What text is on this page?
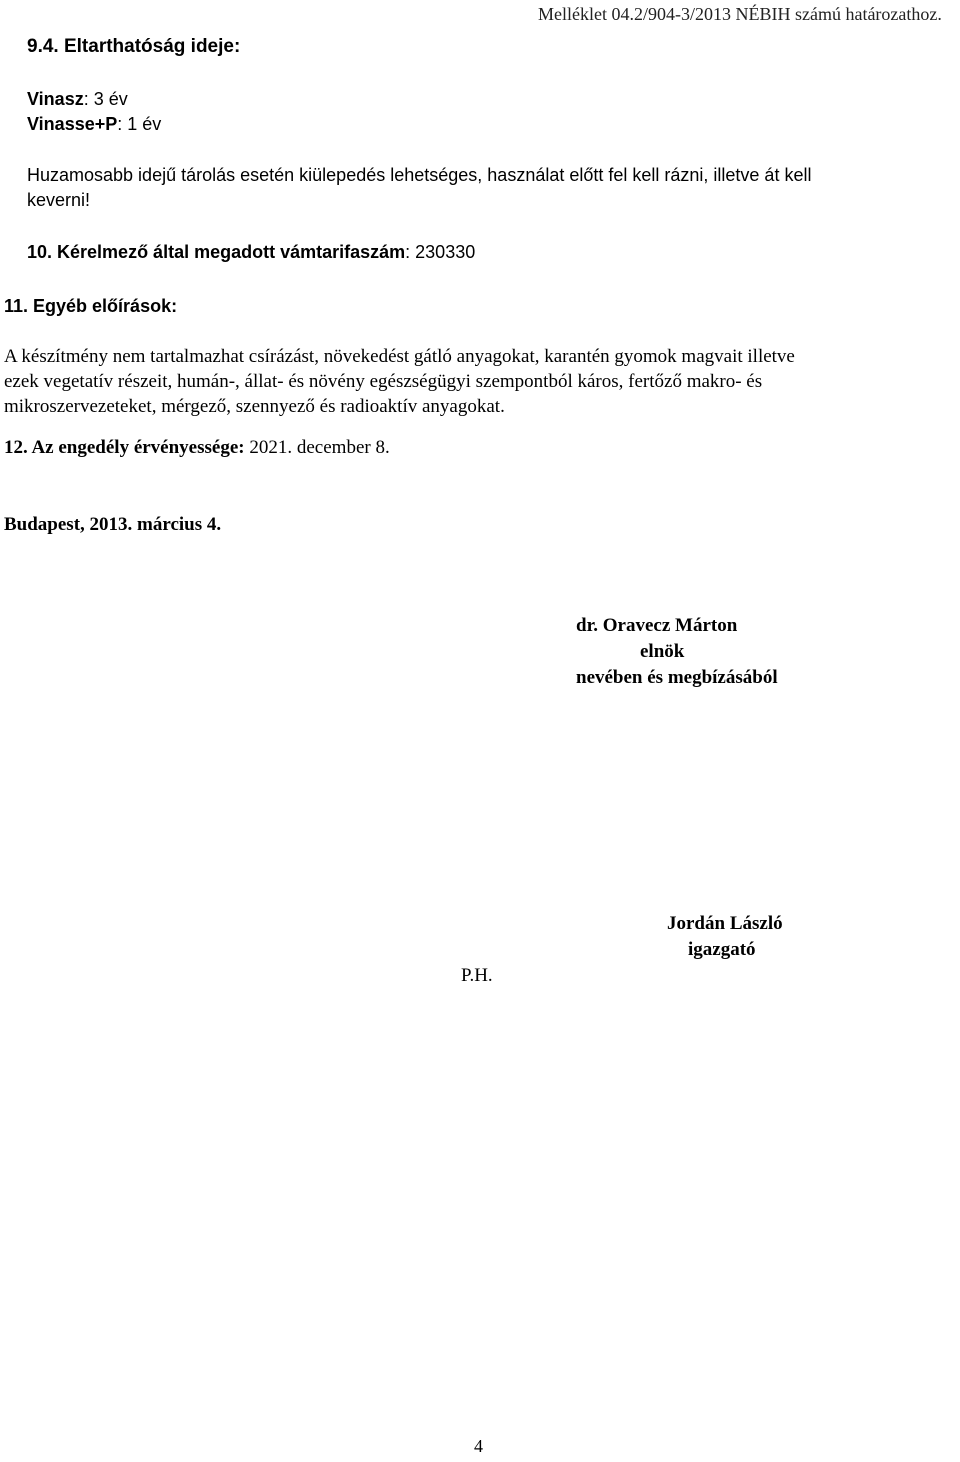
9.4. Eltarthatóság ideje:
Melléklet 04.2/904-3/2013 NÉBIH számú határozathoz.
Vinasz: 3 év
Vinasse+P: 1 év
Huzamosabb idejű tárolás esetén kiülepedés lehetséges, használat előtt fel kell rázni, illetve át kell
keverni!
10. Kérelmező által megadott vámtarifaszám: 230330
11. Egyéb előírások:
A készítmény nem tartalmazhat csírázást, növekedést gátló anyagokat, karantén gyomok magvait illetve
ezek vegetatív részeit, humán-, állat- és növény egészségügyi szempontból káros, fertőző makro- és
mikroszervezeteket, mérgező, szennyező és radioaktív anyagokat.
12. Az engedély érvényessége: 2021. december 8.
Budapest, 2013. március 4.
dr. Oravecz Márton
elnök
nevében és megbízásából
Jordán László
igazgató
P.H.
4
